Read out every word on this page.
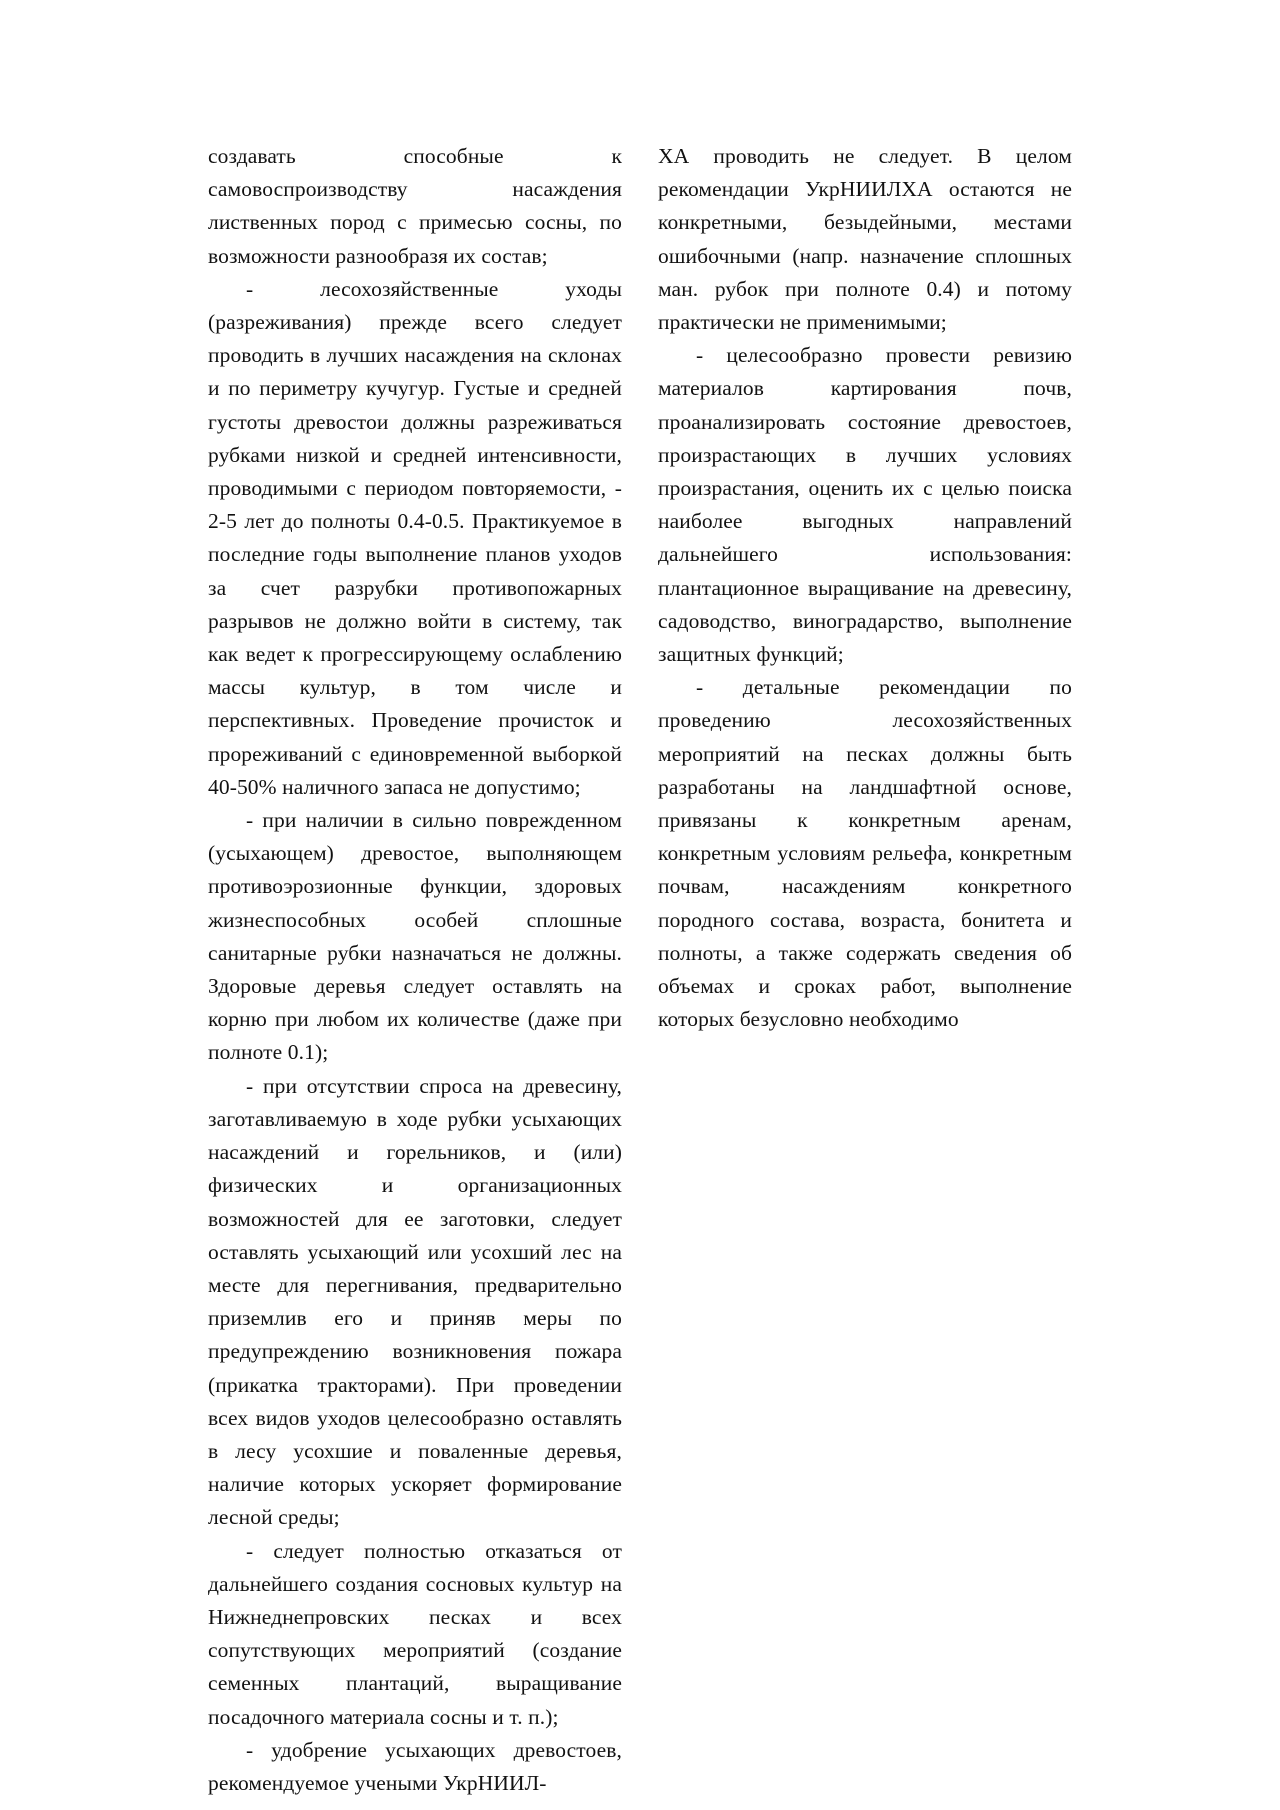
создавать способные к самовоспроизводству насаждения лиственных пород с примесью сосны, по возможности разнообразя их состав;

- лесохозяйственные уходы (разреживания) прежде всего следует проводить в лучших насаждения на склонах и по периметру кучугур. Густые и средней густоты древостои должны разреживаться рубками низкой и средней интенсивности, проводимыми с периодом повторяемости, - 2-5 лет до полноты 0.4-0.5. Практикуемое в последние годы выполнение планов уходов за счет разрубки противопожарных разрывов не должно войти в систему, так как ведет к прогрессирующему ослаблению массы культур, в том числе и перспективных. Проведение прочисток и прореживаний с единовременной выборкой 40-50% наличного запаса не допустимо;

- при наличии в сильно поврежденном (усыхающем) древостое, выполняющем противоэрозионные функции, здоровых жизнеспособных особей сплошные санитарные рубки назначаться не должны. Здоровые деревья следует оставлять на корню при любом их количестве (даже при полноте 0.1);

- при отсутствии спроса на древесину, заготавливаемую в ходе рубки усыхающих насаждений и горельников, и (или) физических и организационных возможностей для ее заготовки, следует оставлять усыхающий или усохший лес на месте для перегнивания, предварительно приземлив его и приняв меры по предупреждению возникновения пожара (прикатка тракторами). При проведении всех видов уходов целесообразно оставлять в лесу усохшие и поваленные деревья, наличие которых ускоряет формирование лесной среды;

- следует полностью отказаться от дальнейшего создания сосновых культур на Нижнеднепровских песках и всех сопутствующих мероприятий (создание семенных плантаций, выращивание посадочного материала сосны и т. п.);

- удобрение усыхающих древостоев, рекомендуемое учеными УкрНИИЛ-

ХА проводить не следует. В целом рекомендации УкрНИИЛХА остаются не конкретными, безыдейными, местами ошибочными (напр. назначение сплошных ман. рубок при полноте 0.4) и потому практически не применимыми;

- целесообразно провести ревизию материалов картирования почв, проанализировать состояние древостоев, произрастающих в лучших условиях произрастания, оценить их с целью поиска наиболее выгодных направлений дальнейшего использования: плантационное выращивание на древесину, садоводство, виноградарство, выполнение защитных функций;

- детальные рекомендации по проведению лесохозяйственных мероприятий на песках должны быть разработаны на ландшафтной основе, привязаны к конкретным аренам, конкретным условиям рельефа, конкретным почвам, насаждениям конкретного породного состава, возраста, бонитета и полноты, а также содержать сведения об объемах и сроках работ, выполнение которых безусловно необходимо
